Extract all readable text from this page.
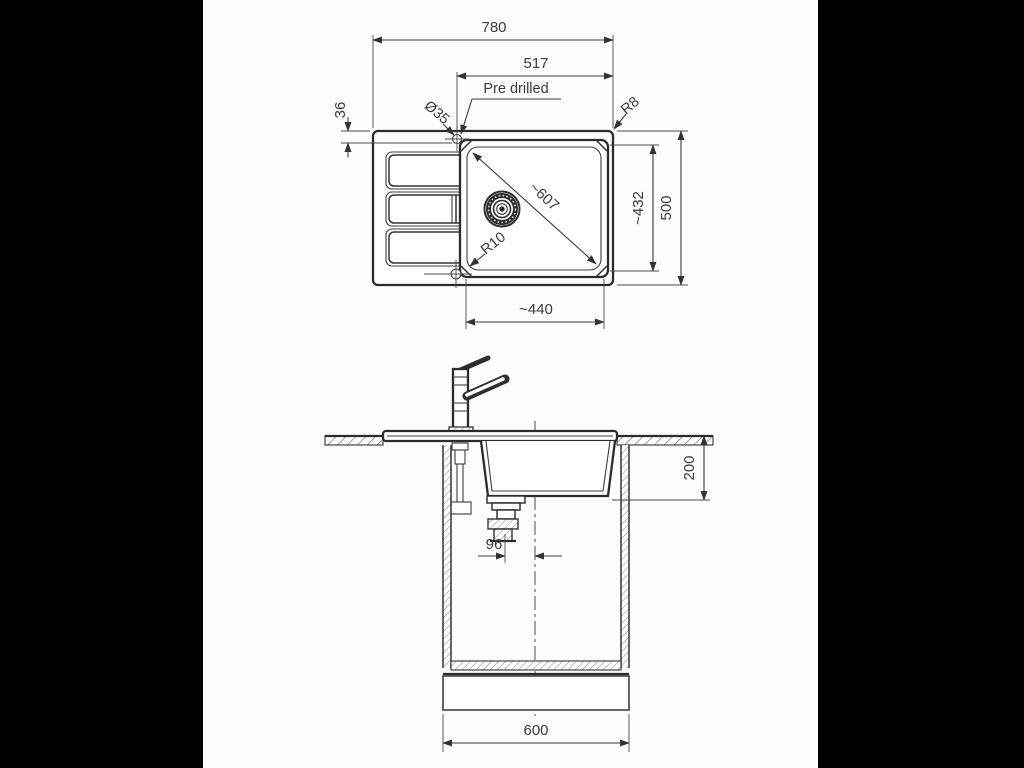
780
517
Pre drilled
Ø35	R8
36
~607	~432 500
R10
~440
200
96
600
